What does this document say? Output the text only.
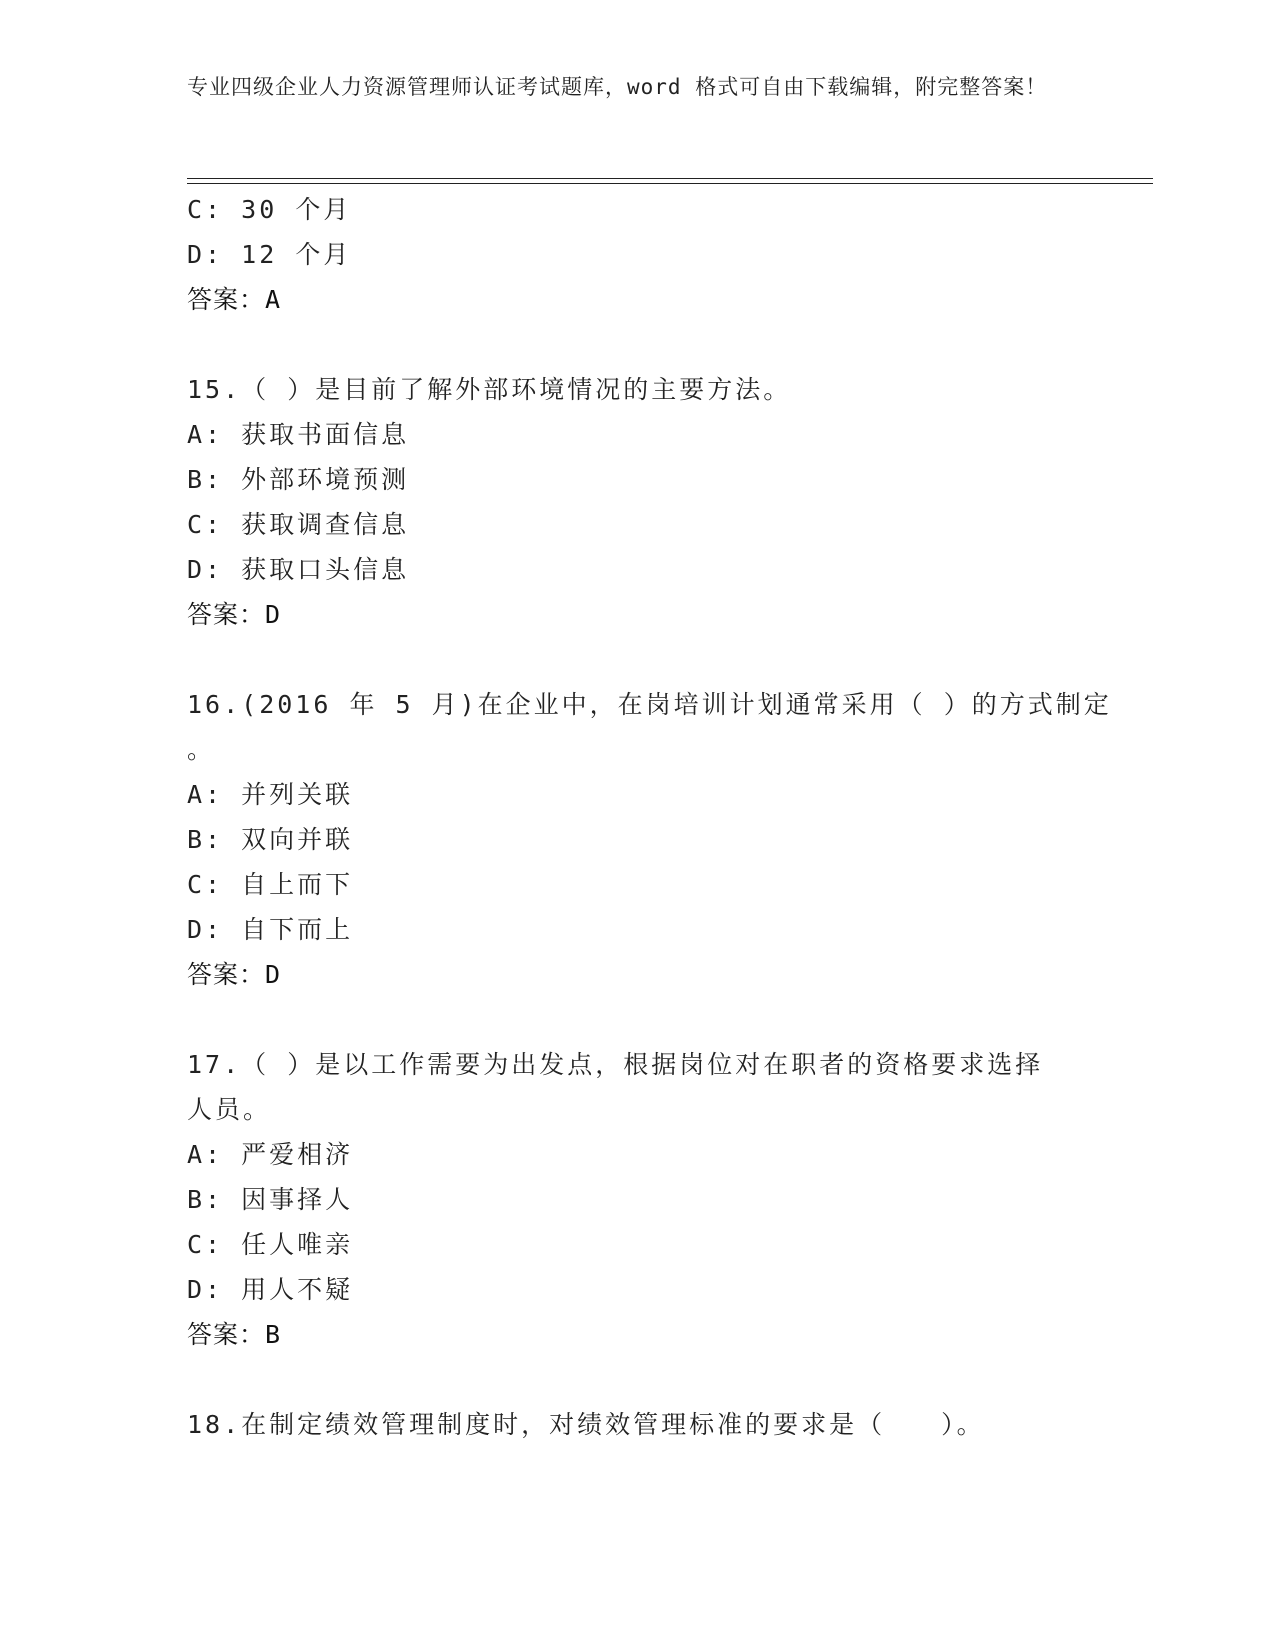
专业四级企业人力资源管理师认证考试题库，word 格式可自由下载编辑，附完整答案！
C: 30 个月
D: 12 个月
答案：A
15.（ ）是目前了解外部环境情况的主要方法。
A: 获取书面信息
B: 外部环境预测
C: 获取调查信息
D: 获取口头信息
答案：D
16.(2016 年 5 月)在企业中，在岗培训计划通常采用（ ）的方式制定
。
A: 并列关联
B: 双向并联
C: 自上而下
D: 自下而上
答案：D
17.（ ）是以工作需要为出发点，根据岗位对在职者的资格要求选择
人员。
A: 严爱相济
B: 因事择人
C: 任人唯亲
D: 用人不疑
答案：B
18.在制定绩效管理制度时，对绩效管理标准的要求是（　　）。
